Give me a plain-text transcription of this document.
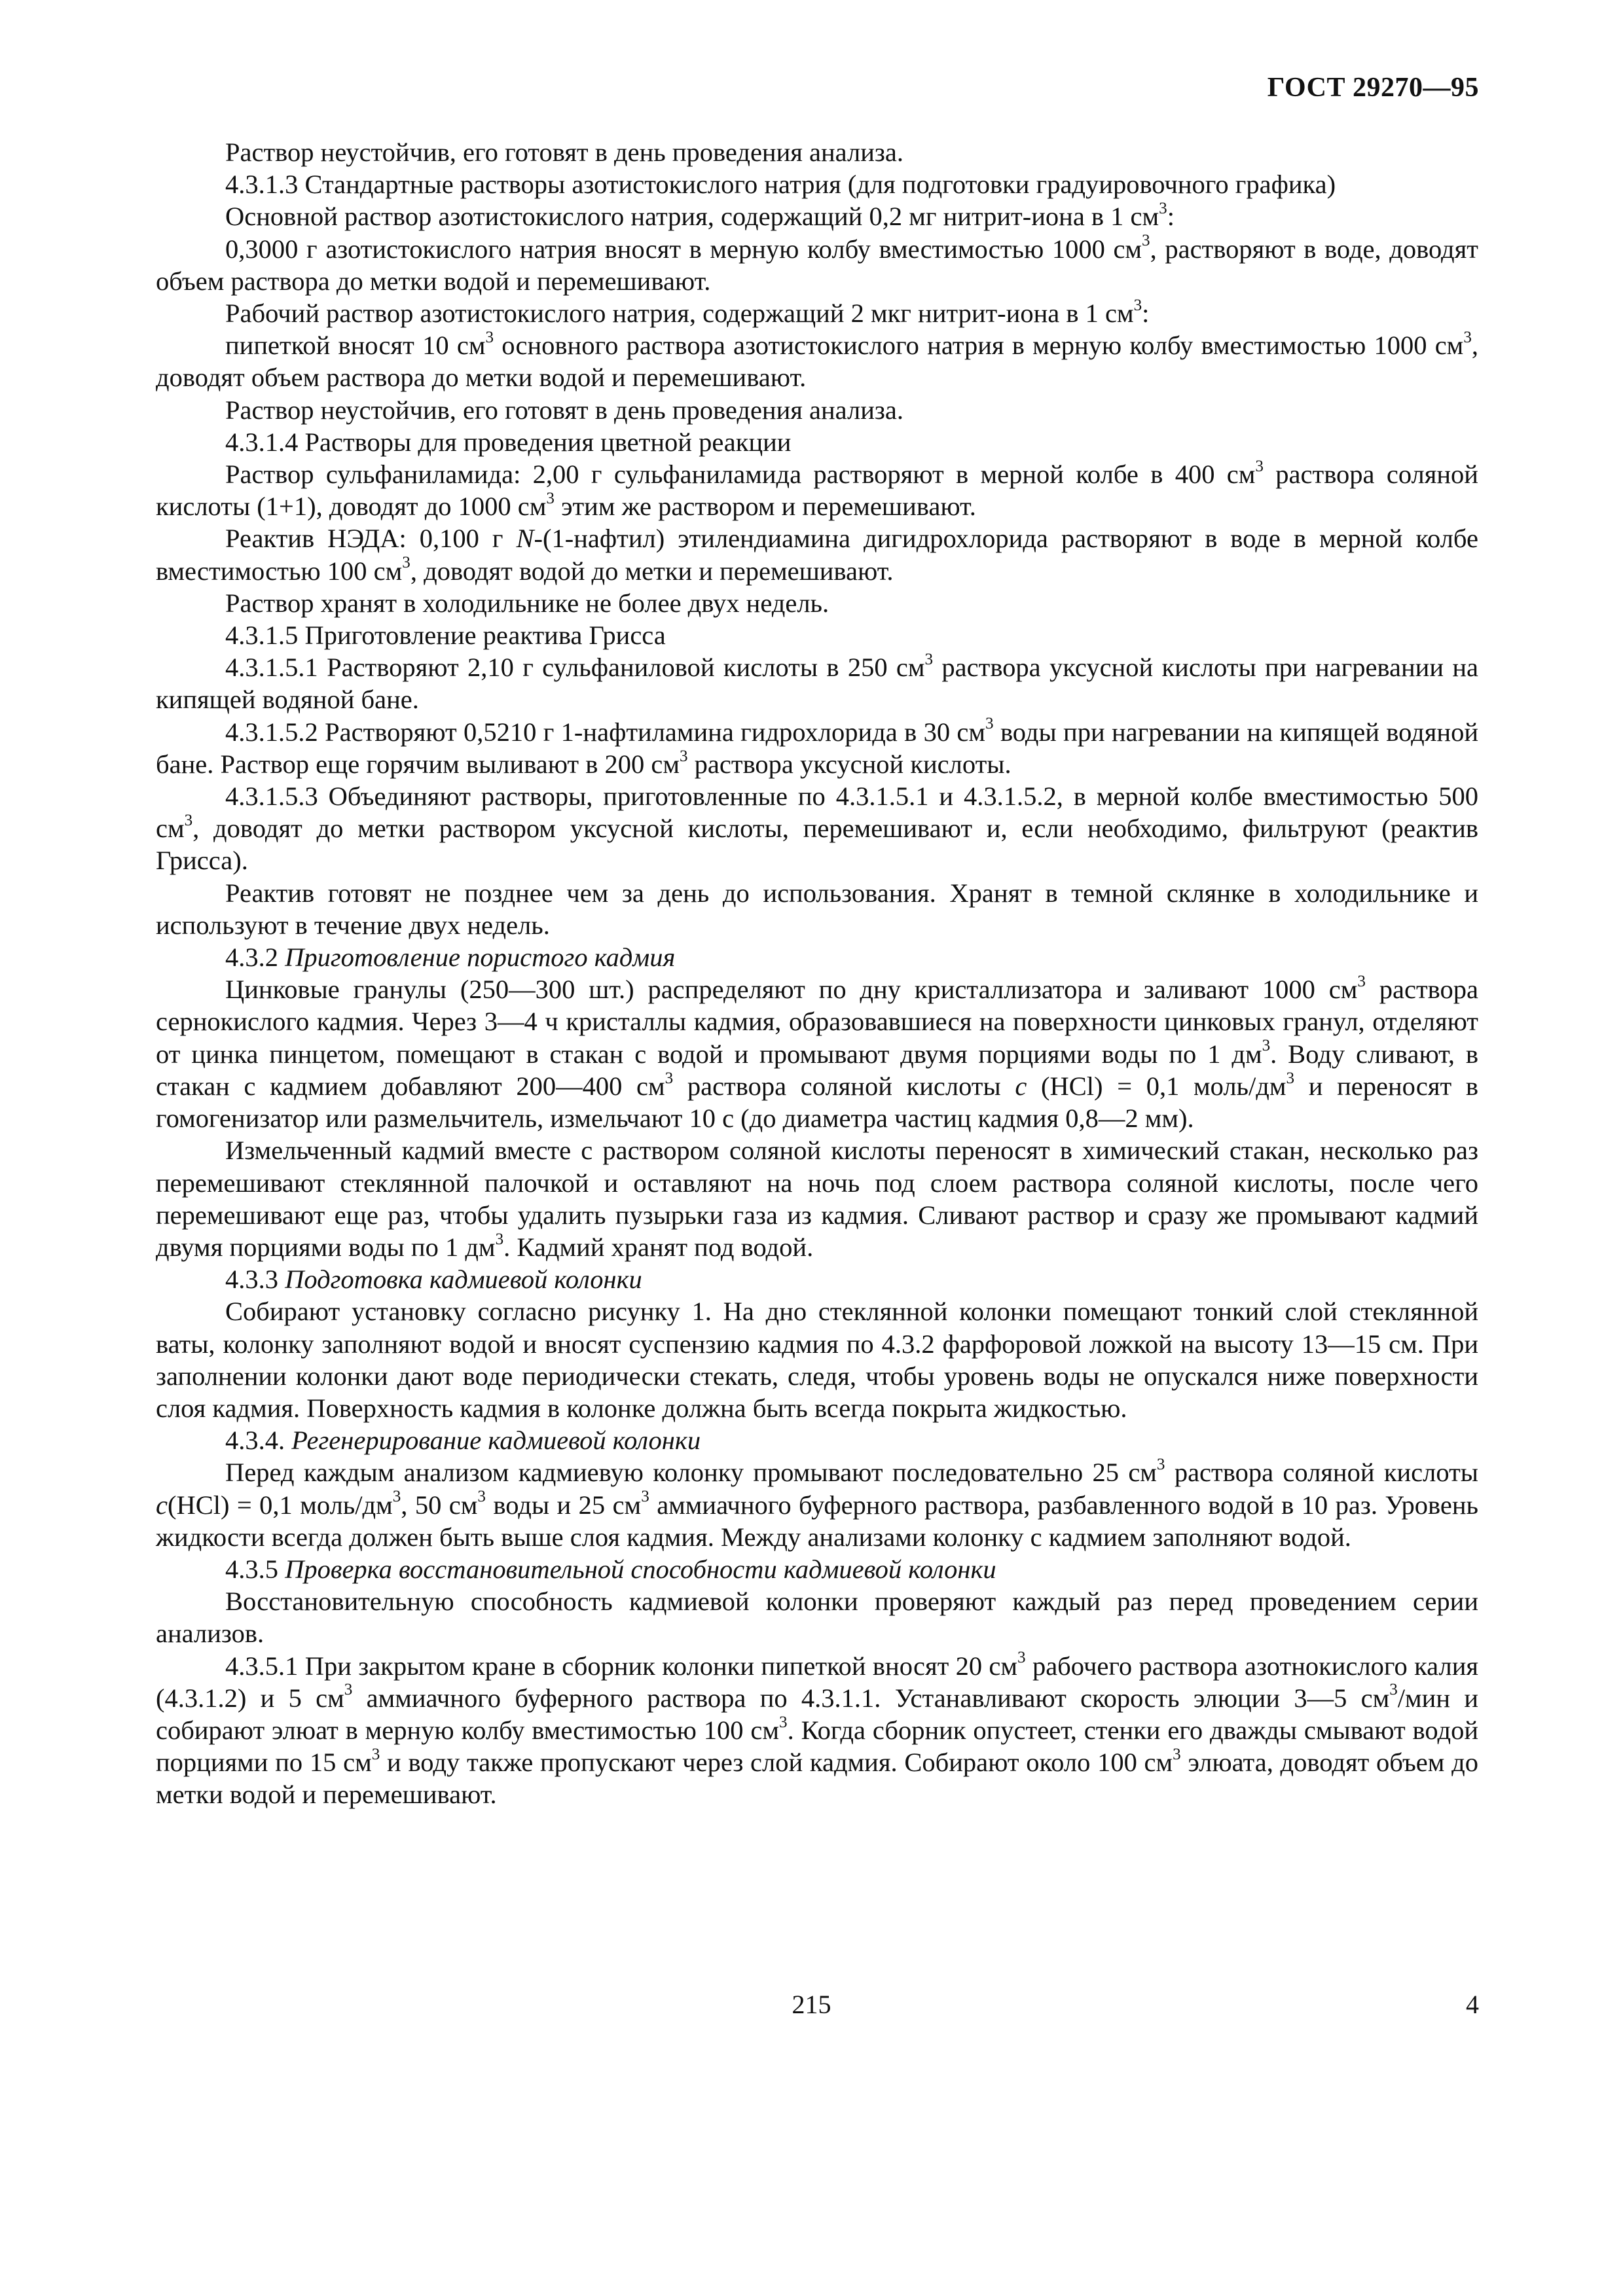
ГОСТ 29270—95

Раствор неустойчив, его готовят в день проведения анализа.

4.3.1.3 Стандартные растворы азотистокислого натрия (для подготовки градуировочного графика)

Основной раствор азотистокислого натрия, содержащий 0,2 мг нитрит-иона в 1 $см^3$:

0,3000 г азотистокислого натрия вносят в мерную колбу вместимостью 1000 $см^3$, растворяют в воде, доводят объем раствора до метки водой и перемешивают.

Рабочий раствор азотистокислого натрия, содержащий 2 мкг нитрит-иона в 1 $см^3$:

пипеткой вносят 10 $см^3$ основного раствора азотистокислого натрия в мерную колбу вместимостью 1000 $см^3$, доводят объем раствора до метки водой и перемешивают.

Раствор неустойчив, его готовят в день проведения анализа.

4.3.1.4 Растворы для проведения цветной реакции

Раствор сульфаниламида: 2,00 г сульфаниламида растворяют в мерной колбе в 400 $см^3$ раствора соляной кислоты (1+1), доводят до 1000 $см^3$ этим же раствором и перемешивают.

Реактив НЭДА: 0,100 г N-(1-нафтил) этилендиамина дигидрохлорида растворяют в воде в мерной колбе вместимостью 100 $см^3$, доводят водой до метки и перемешивают.

Раствор хранят в холодильнике не более двух недель.

4.3.1.5 Приготовление реактива Грисса

4.3.1.5.1 Растворяют 2,10 г сульфаниловой кислоты в 250 $см^3$ раствора уксусной кислоты при нагревании на кипящей водяной бане.

4.3.1.5.2 Растворяют 0,5210 г 1-нафтиламина гидрохлорида в 30 $см^3$ воды при нагревании на кипящей водяной бане. Раствор еще горячим выливают в 200 $см^3$ раствора уксусной кислоты.

4.3.1.5.3 Объединяют растворы, приготовленные по 4.3.1.5.1 и 4.3.1.5.2, в мерной колбе вместимостью 500 $см^3$, доводят до метки раствором уксусной кислоты, перемешивают и, если необходимо, фильтруют (реактив Грисса).

Реактив готовят не позднее чем за день до использования. Хранят в темной склянке в холодильнике и используют в течение двух недель.

4.3.2 Приготовление пористого кадмия

Цинковые гранулы (250—300 шт.) распределяют по дну кристаллизатора и заливают 1000 $см^3$ раствора сернокислого кадмия. Через 3—4 ч кристаллы кадмия, образовавшиеся на поверхности цинковых гранул, отделяют от цинка пинцетом, помещают в стакан с водой и промывают двумя порциями воды по 1 $дм^3$. Воду сливают, в стакан с кадмием добавляют 200—400 $см^3$ раствора соляной кислоты с (HCl) = 0,1 моль/$дм^3$ и переносят в гомогенизатор или размельчитель, измельчают 10 с (до диаметра частиц кадмия 0,8—2 мм).

Измельченный кадмий вместе с раствором соляной кислоты переносят в химический стакан, несколько раз перемешивают стеклянной палочкой и оставляют на ночь под слоем раствора соляной кислоты, после чего перемешивают еще раз, чтобы удалить пузырьки газа из кадмия. Сливают раствор и сразу же промывают кадмий двумя порциями воды по 1 $дм^3$. Кадмий хранят под водой.

4.3.3 Подготовка кадмиевой колонки

Собирают установку согласно рисунку 1. На дно стеклянной колонки помещают тонкий слой стеклянной ваты, колонку заполняют водой и вносят суспензию кадмия по 4.3.2 фарфоровой ложкой на высоту 13—15 см. При заполнении колонки дают воде периодически стекать, следя, чтобы уровень воды не опускался ниже поверхности слоя кадмия. Поверхность кадмия в колонке должна быть всегда покрыта жидкостью.

4.3.4. Регенерирование кадмиевой колонки

Перед каждым анализом кадмиевую колонку промывают последовательно 25 $см^3$ раствора соляной кислоты с(HCl) = 0,1 моль/$дм^3$, 50 $см^3$ воды и 25 $см^3$ аммиачного буферного раствора, разбавленного водой в 10 раз. Уровень жидкости всегда должен быть выше слоя кадмия. Между анализами колонку с кадмием заполняют водой.

4.3.5 Проверка восстановительной способности кадмиевой колонки

Восстановительную способность кадмиевой колонки проверяют каждый раз перед проведением серии анализов.

4.3.5.1 При закрытом кране в сборник колонки пипеткой вносят 20 $см^3$ рабочего раствора азотнокислого калия (4.3.1.2) и 5 $см^3$ аммиачного буферного раствора по 4.3.1.1. Устанавливают скорость элюции 3—5 $см^3$/мин и собирают элюат в мерную колбу вместимостью 100 $см^3$. Когда сборник опустеет, стенки его дважды смывают водой порциями по 15 $см^3$ и воду также пропускают через слой кадмия. Собирают около 100 $см^3$ элюата, доводят объем до метки водой и перемешивают.

215	4
